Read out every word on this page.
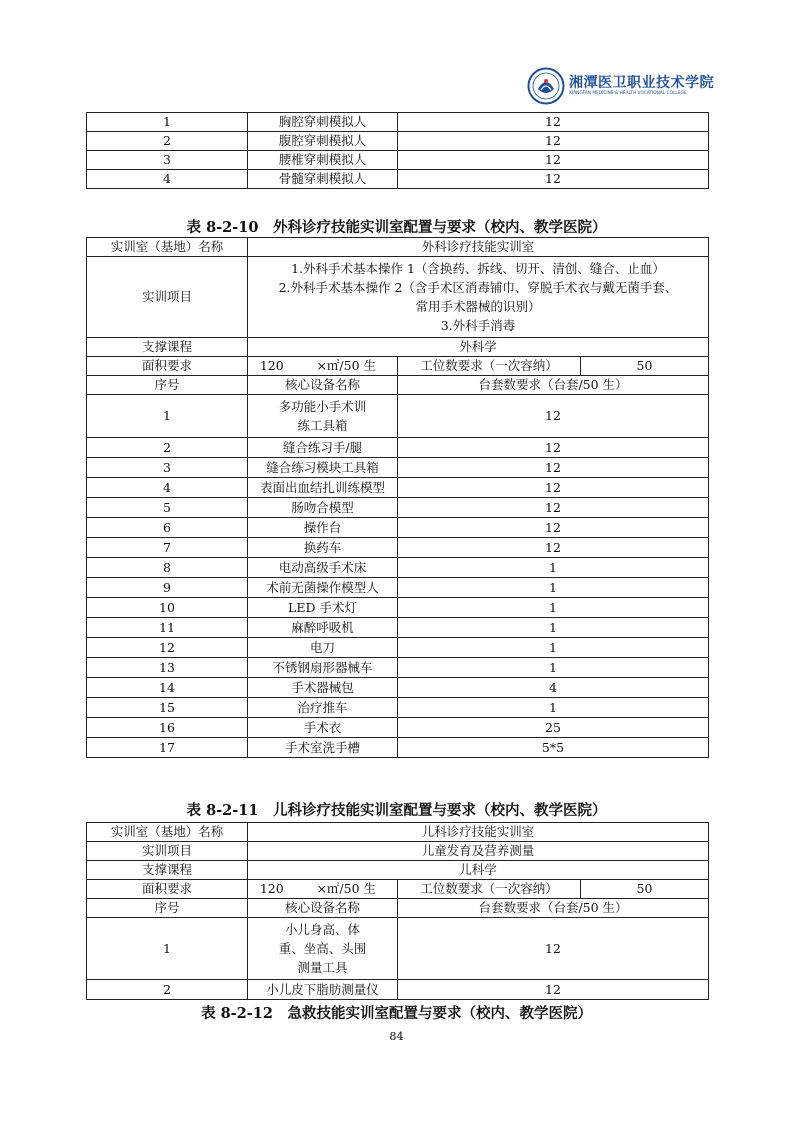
湘潭医卫职业技术学院
XIANGTAN MEDICINE & HEALTH VOCATIONAL COLLEGE
1	胸腔穿刺模拟人	12
2	腹腔穿刺模拟人	12
3	腰椎穿刺模拟人	12
4	骨髓穿刺模拟人	12
表 8-2-10　外科诊疗技能实训室配置与要求（校内、教学医院）
实训室（基地）名称	外科诊疗技能实训室			
实训项目	1.外科手术基本操作 1（含换药、拆线、切开、清创、缝合、止血）
2.外科手术基本操作 2（含手术区消毒铺巾、穿脱手术衣与戴无菌手套、
常用手术器械的识别）
3.外科手消毒			

支撑课程	外科学			
面积要求	120	×㎡/50 生	工位数要求（一次容纳）	50
序号	核心设备名称		台套数要求（台套/50 生）	
1	多功能小手术训练工具箱		12	
2	缝合练习手/腿		12	
3	缝合练习模块工具箱		12	
4	表面出血结扎训练模型		12	
5	肠吻合模型		12	
6	操作台		12	
7	换药车		12	
8	电动高级手术床		1	
9	术前无菌操作模型人		1	
10	LED 手术灯		1	
11	麻醉呼吸机		1	
12	电刀		1	
13	不锈钢扇形器械车		1	
14	手术器械包		4	
15	治疗推车		1	
16	手术衣		25	
17	手术室洗手槽		5*5	
表 8-2-11　儿科诊疗技能实训室配置与要求（校内、教学医院）
实训室（基地）名称	儿科诊疗技能实训室			
实训项目	儿童发育及营养测量			
支撑课程	儿科学			
面积要求	120	×㎡/50 生	工位数要求（一次容纳）	50
序号	核心设备名称		台套数要求（台套/50 生）	
1	小儿身高、体重、坐高、头围测量工具		12	
2	小儿皮下脂肪测量仪		12	
表 8-2-12　急救技能实训室配置与要求（校内、教学医院）
84
